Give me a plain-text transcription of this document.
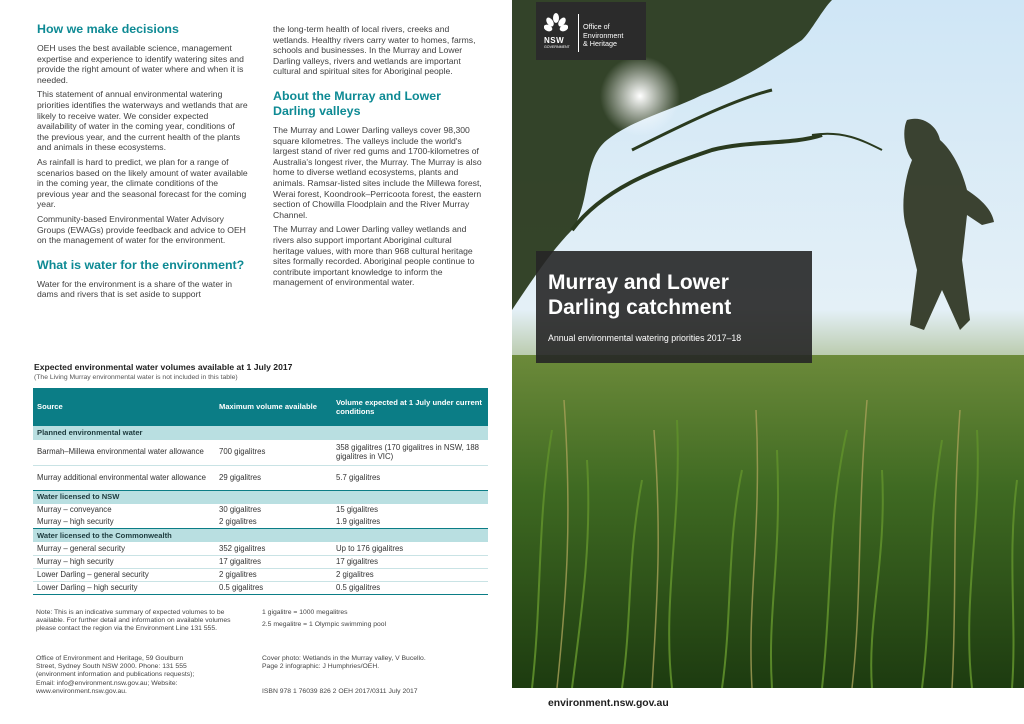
How we make decisions

OEH uses the best available science, management expertise and experience to identify watering sites and provide the right amount of water where and when it is needed.

This statement of annual environmental watering priorities identifies the waterways and wetlands that are likely to receive water. We consider expected availability of water in the coming year, conditions of the previous year, and the current health of the plants and animals in these ecosystems.

As rainfall is hard to predict, we plan for a range of scenarios based on the likely amount of water available in the coming year, the climate conditions of the previous year and the seasonal forecast for the coming year.

Community-based Environmental Water Advisory Groups (EWAGs) provide feedback and advice to OEH on the management of water for the environment.

What is water for the environment?

Water for the environment is a share of the water in dams and rivers that is set aside to support

the long-term health of local rivers, creeks and wetlands. Healthy rivers carry water to homes, farms, schools and businesses. In the Murray and Lower Darling valleys, rivers and wetlands are important cultural and spiritual sites for Aboriginal people.

About the Murray and Lower Darling valleys

The Murray and Lower Darling valleys cover 98,300 square kilometres. The valleys include the world's largest stand of river red gums and 1700-kilometres of Australia's longest river, the Murray. The Murray is also home to diverse wetland ecosystems, plants and animals. Ramsar-listed sites include the Millewa forest, Werai forest, Koondrook–Perricoota forest, the eastern section of Chowilla Floodplain and the River Murray Channel.

The Murray and Lower Darling valley wetlands and rivers also support important Aboriginal cultural heritage values, with more than 968 cultural heritage sites formally recorded. Aboriginal people continue to contribute important knowledge to inform the management of environmental water.

Expected environmental water volumes available at 1 July 2017
(The Living Murray environmental water is not included in this table)
Source	Maximum volume available	Volume expected at 1 July under current conditions
Planned environmental water		
Barmah–Millewa environmental water allowance	700 gigalitres	358 gigalitres (170 gigalitres in NSW, 188 gigalitres in VIC)
Murray additional environmental water allowance	29 gigalitres	5.7 gigalitres
Water licensed to NSW		
Murray – conveyance	30 gigalitres	15 gigalitres
Murray – high security	2 gigalitres	1.9 gigalitres
Water licensed to the Commonwealth		
Murray – general security	352 gigalitres	Up to 176 gigalitres
Murray – high security	17 gigalitres	17 gigalitres
Lower Darling – general security	2 gigalitres	2 gigalitres
Lower Darling – high security	0.5 gigalitres	0.5 gigalitres
Note: This is an indicative summary of expected volumes to be available. For further detail and information on available volumes please contact the region via the Environment Line 131 555.
1 gigalitre = 1000 megalitres
2.5 megalitre = 1 Olympic swimming pool
Office of Environment and Heritage, 59 Goulburn Street, Sydney South NSW 2000. Phone: 131 555 (environment information and publications requests); Email: info@environment.nsw.gov.au; Website: www.environment.nsw.gov.au.
Cover photo: Wetlands in the Murray valley, V Bucello. Page 2 infographic: J Humphries/OEH.
ISBN 978 1 76039 826 2 OEH 2017/0311 July 2017
NSW
GOVERNMENT
Office of
Environment
& Heritage
Murray and Lower
Darling catchment
Annual environmental watering priorities 2017–18
environment.nsw.gov.au
